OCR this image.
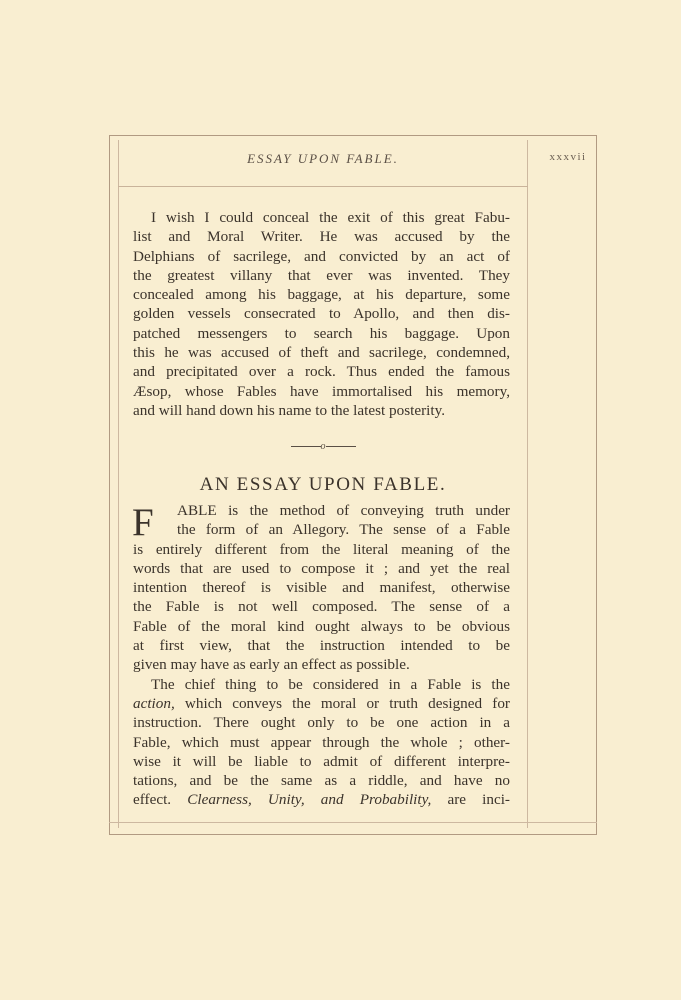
ESSAY UPON FABLE.	xxxvii
I wish I could conceal the exit of this great Fabu-
list and Moral Writer. He was accused by the
Delphians of sacrilege, and convicted by an act of
the greatest villany that ever was invented. They
concealed among his baggage, at his departure, some
golden vessels consecrated to Apollo, and then dis-
patched messengers to search his baggage. Upon
this he was accused of theft and sacrilege, condemned,
and precipitated over a rock. Thus ended the famous
Æsop, whose Fables have immortalised his memory,
and will hand down his name to the latest posterity.
o
AN ESSAY UPON FABLE.
F	ABLE is the method of conveying truth under
the form of an Allegory. The sense of a Fable
is entirely different from the literal meaning of the
words that are used to compose it ; and yet the real
intention thereof is visible and manifest, otherwise
the Fable is not well composed. The sense of a
Fable of the moral kind ought always to be obvious
at first view, that the instruction intended to be
given may have as early an effect as possible.
The chief thing to be considered in a Fable is the
action, which conveys the moral or truth designed for
instruction. There ought only to be one action in a
Fable, which must appear through the whole ; other-
wise it will be liable to admit of different interpre-
tations, and be the same as a riddle, and have no
effect. Clearness, Unity, and Probability, are inci-
